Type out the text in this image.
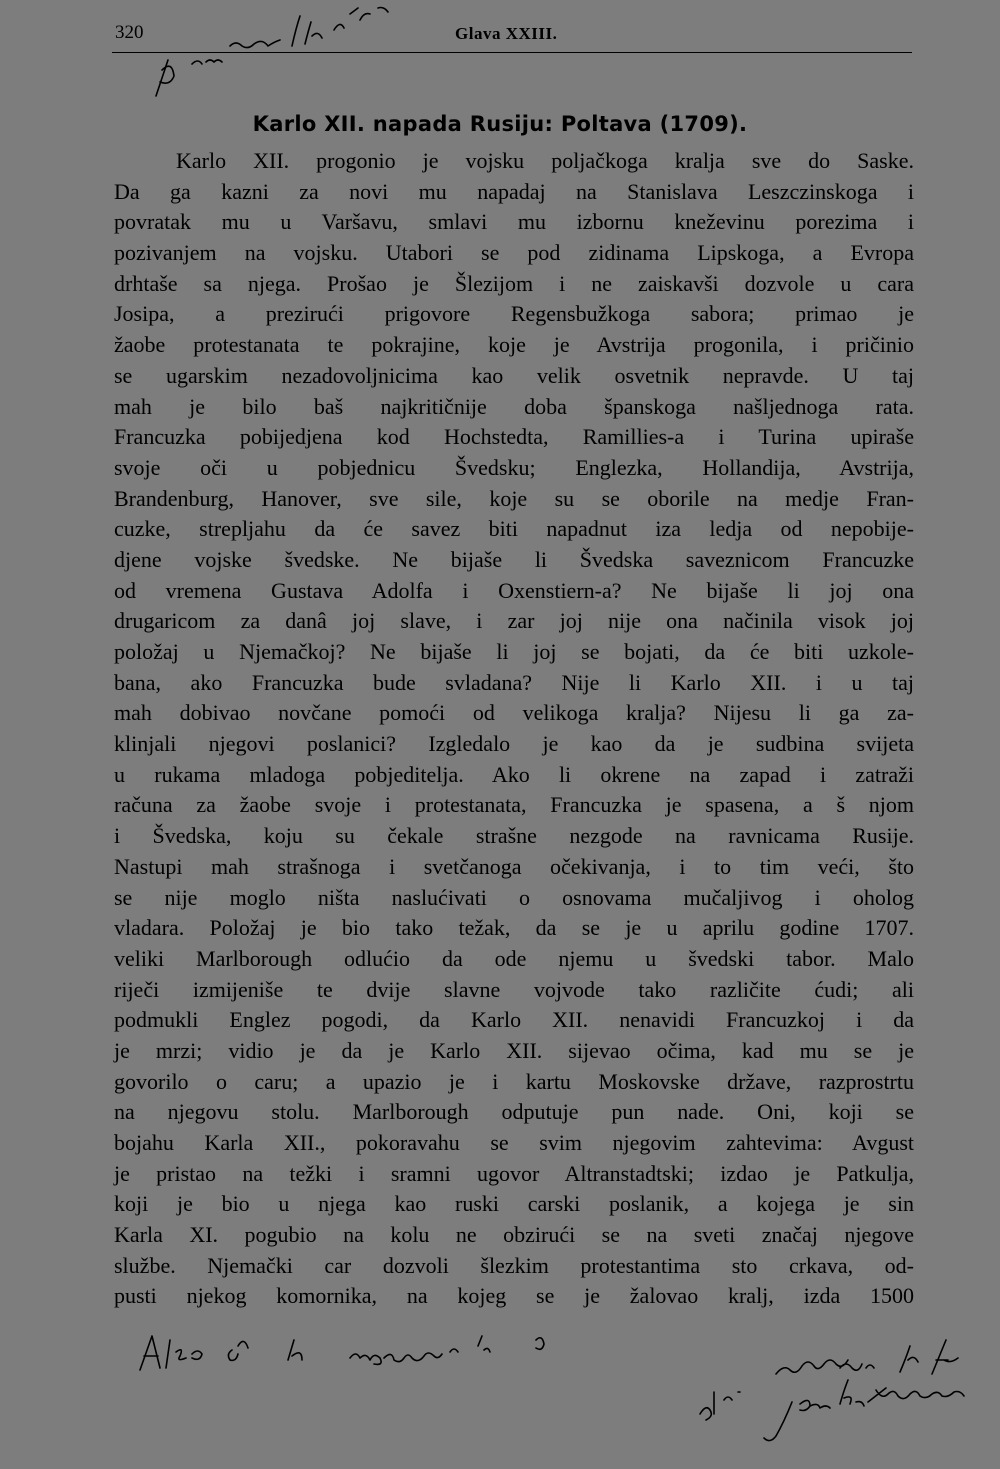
320	Glava XXIII.
Karlo XII. napada Rusiju: Poltava (1709).
Karlo XII. progonio je vojsku poljačkoga kralja sve do Saske.
Da ga kazni za novi mu napadaj na Stanislava Leszczinskoga i
povratak mu u Varšavu, smlavi mu izbornu kneževinu porezima i
pozivanjem na vojsku. Utabori se pod zidinama Lipskoga, a Evropa
drhtaše sa njega. Prošao je Šlezijom i ne zaiskavši dozvole u cara
Josipa, a prezirući prigovore Regensbužkoga sabora; primao je
žaobe protestanata te pokrajine, koje je Avstrija progonila, i pričinio
se ugarskim nezadovoljnicima kao velik osvetnik nepravde. U taj
mah je bilo baš najkritičnije doba španskoga našljednoga rata.
Francuzka pobijedjena kod Hochstedta, Ramillies-a i Turina upiraše
svoje oči u pobjednicu Švedsku; Englezka, Hollandija, Avstrija,
Brandenburg, Hanover, sve sile, koje su se oborile na medje Fran-
cuzke, strepljahu da će savez biti napadnut iza ledja od nepobije-
djene vojske švedske. Ne bijaše li Švedska saveznicom Francuzke
od vremena Gustava Adolfa i Oxenstiern-a? Ne bijaše li joj ona
drugaricom za danâ joj slave, i zar joj nije ona načinila visok joj
položaj u Njemačkoj? Ne bijaše li joj se bojati, da će biti uzkole-
bana, ako Francuzka bude svladana? Nije li Karlo XII. i u taj
mah dobivao novčane pomoći od velikoga kralja? Nijesu li ga za-
klinjali njegovi poslanici? Izgledalo je kao da je sudbina svijeta
u rukama mladoga pobjeditelja. Ako li okrene na zapad i zatraži
računa za žaobe svoje i protestanata, Francuzka je spasena, a š njom
i Švedska, koju su čekale strašne nezgode na ravnicama Rusije.
Nastupi mah strašnoga i svetčanoga očekivanja, i to tim veći, što
se nije moglo ništa naslućivati o osnovama mučaljivog i oholog
vladara. Položaj je bio tako težak, da se je u aprilu godine 1707.
veliki Marlborough odlućio da ode njemu u švedski tabor. Malo
riječi izmijeniše te dvije slavne vojvode tako različite ćudi; ali
podmukli Englez pogodi, da Karlo XII. nenavidi Francuzkoj i da
je mrzi; vidio je da je Karlo XII. sijevao očima, kad mu se je
govorilo o caru; a upazio je i kartu Moskovske države, razprostrtu
na njegovu stolu. Marlborough odputuje pun nade. Oni, koji se
bojahu Karla XII., pokoravahu se svim njegovim zahtevima: Avgust
je pristao na težki i sramni ugovor Altranstadtski; izdao je Patkulja,
koji je bio u njega kao ruski carski poslanik, a kojega je sin
Karla XI. pogubio na kolu ne obzirući se na sveti značaj njegove
službe. Njemački car dozvoli šlezkim protestantima sto crkava, od-
pusti njekog komornika, na kojeg se je žalovao kralj, izda 1500
